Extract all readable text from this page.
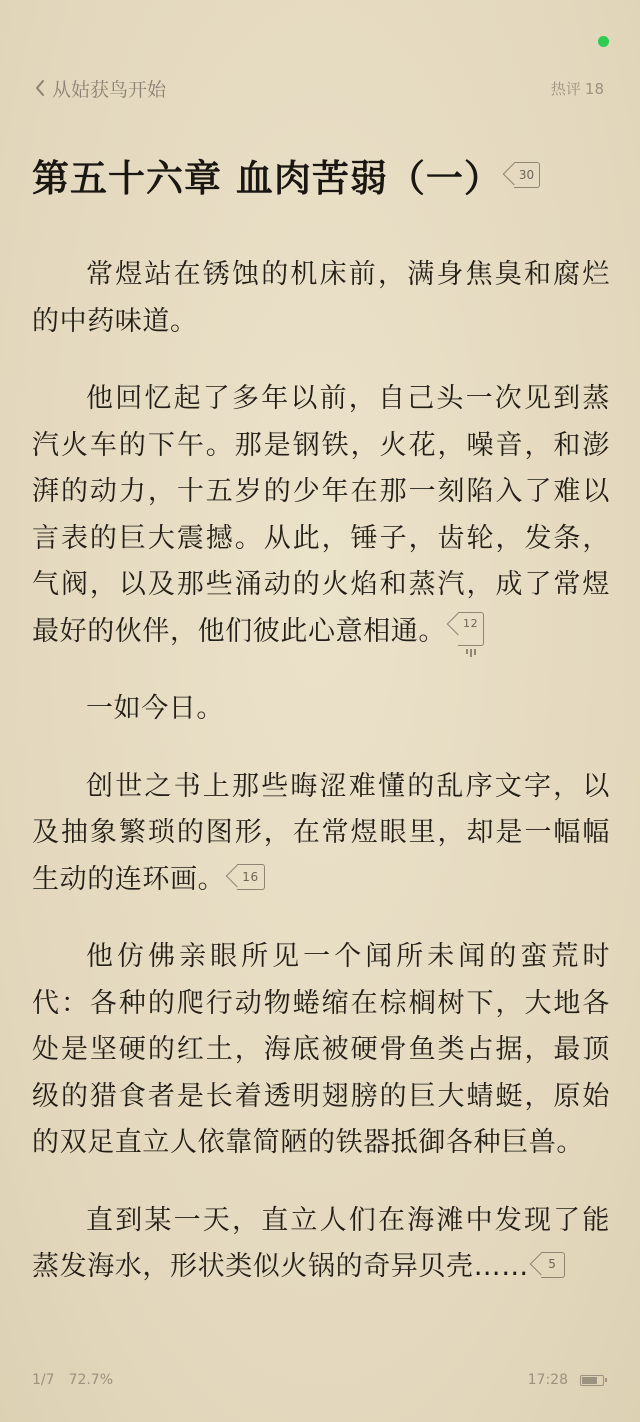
从姑获鸟开始	热评 18
第五十六章 血肉苦弱（一） 30

常煜站在锈蚀的机床前，满身焦臭和腐烂的中药味道。

他回忆起了多年以前，自己头一次见到蒸汽火车的下午。那是钢铁，火花，噪音，和澎湃的动力，十五岁的少年在那一刻陷入了难以言表的巨大震撼。从此，锤子，齿轮，发条，气阀，以及那些涌动的火焰和蒸汽，成了常煜最好的伙伴，他们彼此心意相通。 12

一如今日。

创世之书上那些晦涩难懂的乱序文字，以及抽象繁琐的图形，在常煜眼里，却是一幅幅生动的连环画。 16

他仿佛亲眼所见一个闻所未闻的蛮荒时代：各种的爬行动物蜷缩在棕榈树下，大地各处是坚硬的红土，海底被硬骨鱼类占据，最顶级的猎食者是长着透明翅膀的巨大蜻蜓，原始的双足直立人依靠简陋的铁器抵御各种巨兽。

直到某一天，直立人们在海滩中发现了能蒸发海水，形状类似火锅的奇异贝壳…… 5

1/7 72.7%	17:28
